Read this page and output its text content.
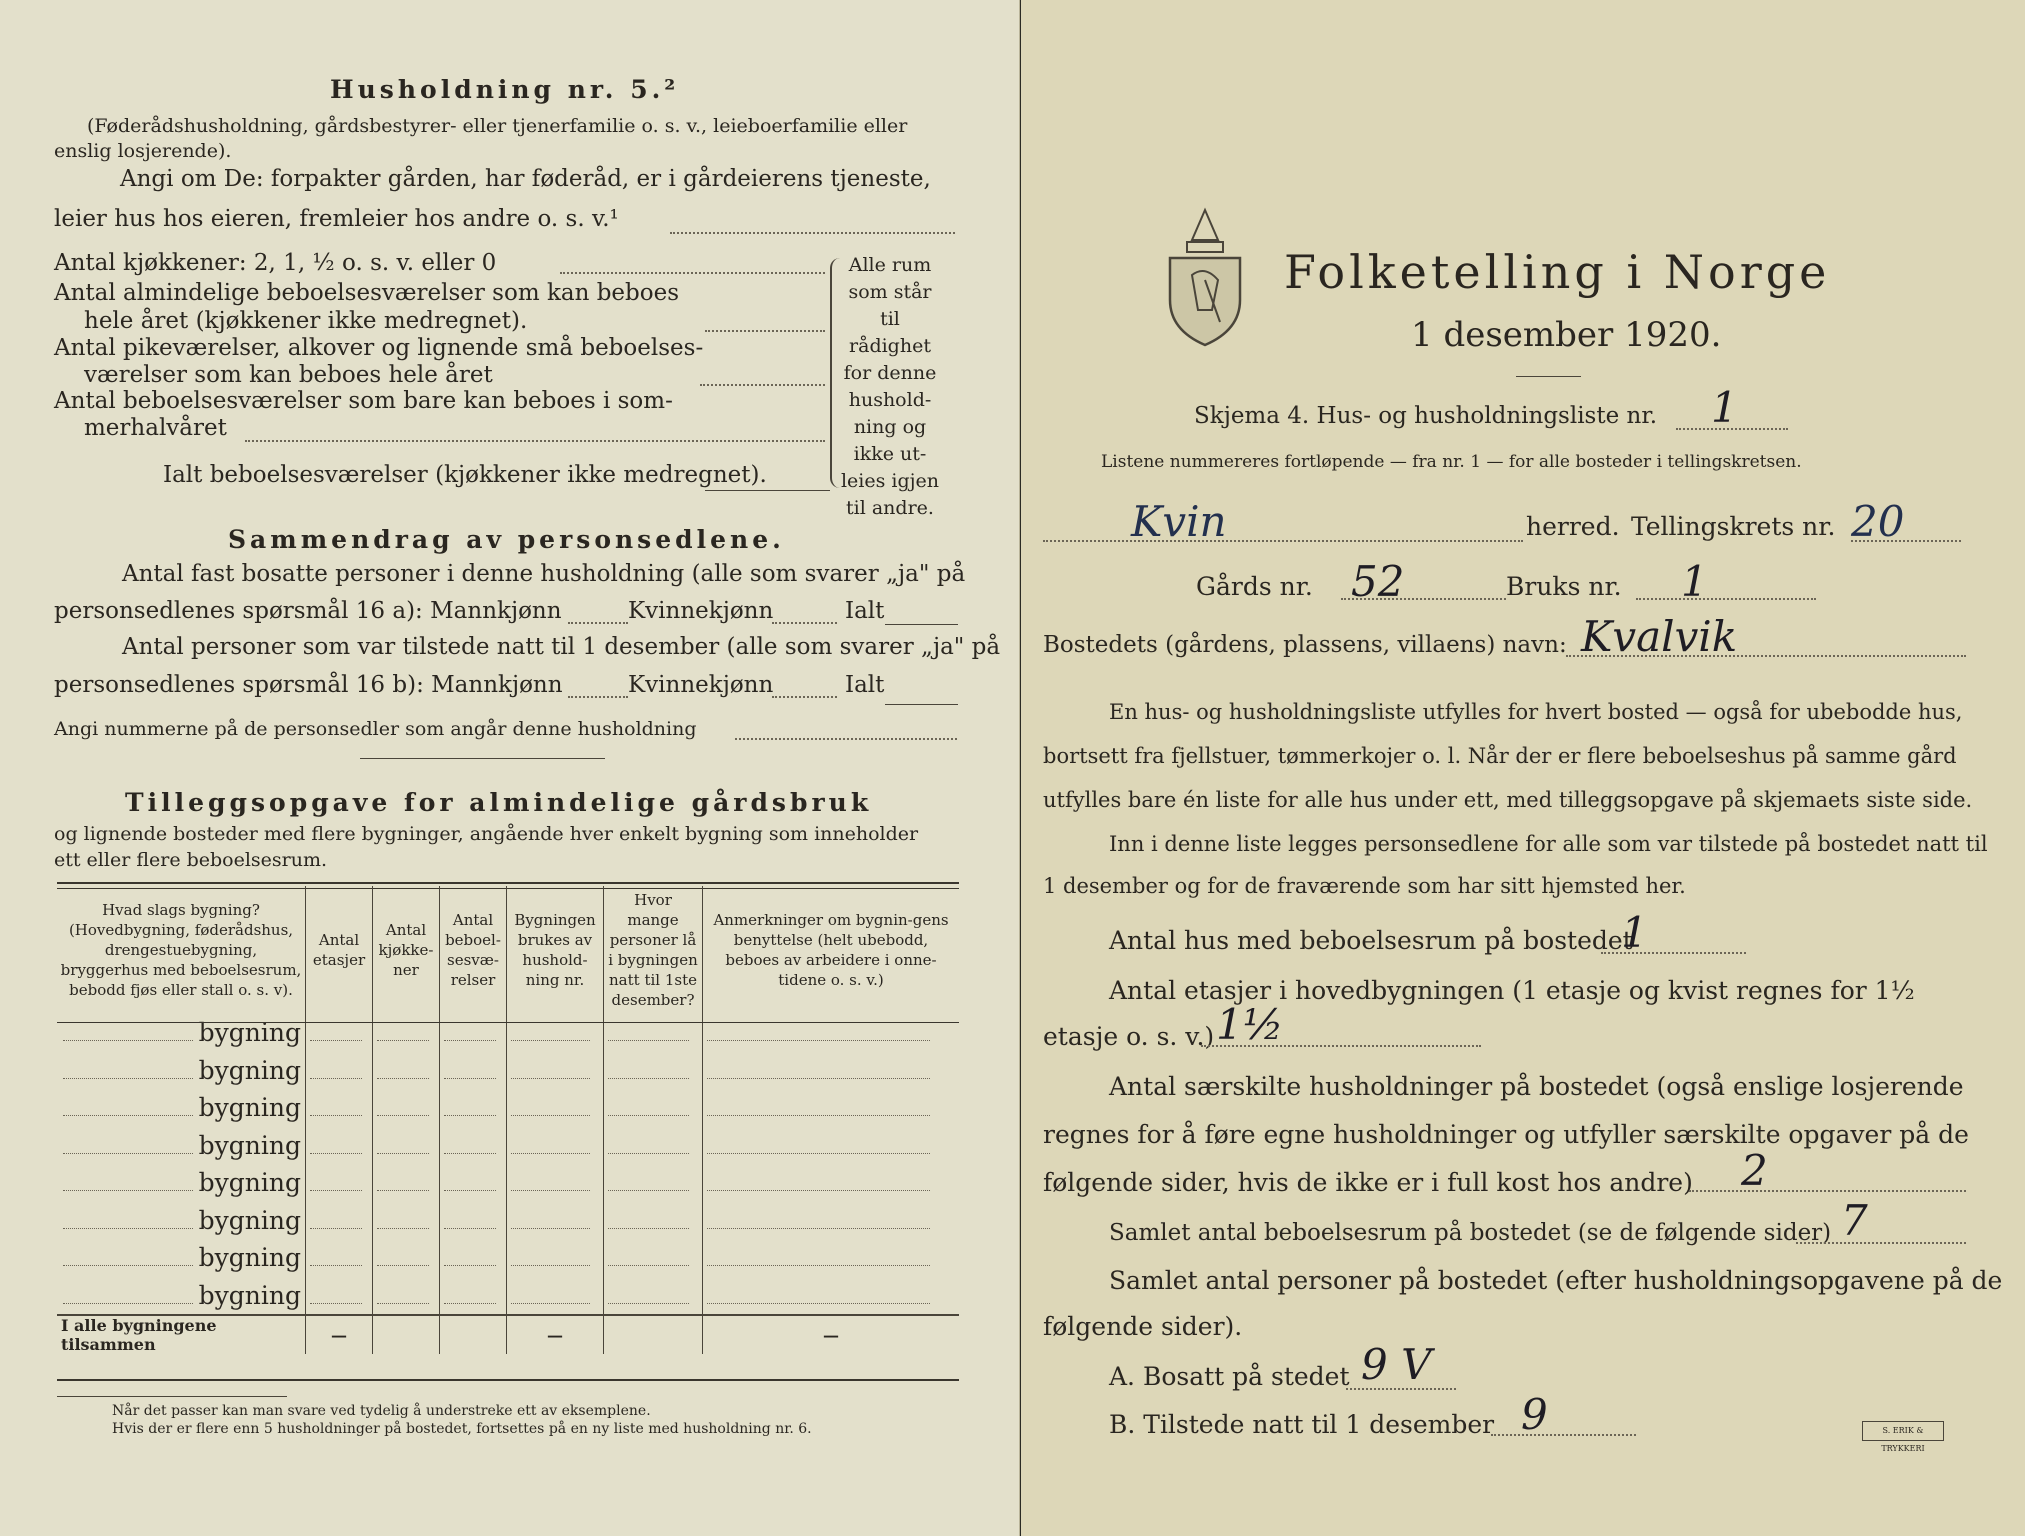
Husholdning nr. 5.²
(Føderådshusholdning, gårdsbestyrer- eller tjenerfamilie o. s. v., leieboerfamilie eller
enslig losjerende).
Angi om De: forpakter gården, har føderåd, er i gårdeierens tjeneste,
leier hus hos eieren, fremleier hos andre o. s. v.¹
Antal kjøkkener: 2, 1, ½ o. s. v. eller 0
Antal almindelige beboelsesværelser som kan beboes
hele året (kjøkkener ikke medregnet).
Antal pikeværelser, alkover og lignende små beboelses-
værelser som kan beboes hele året
Antal beboelsesværelser som bare kan beboes i som-
merhalvåret
Ialt beboelsesværelser (kjøkkener ikke medregnet).
Alle rum
som står til
rådighet
for denne
hushold-
ning og
ikke ut-
leies igjen
til andre.
Sammendrag av personsedlene.
Antal fast bosatte personer i denne husholdning (alle som svarer „ja" på
personsedlenes spørsmål 16 a): Mannkjønn	Kvinnekjønn	Ialt
Antal personer som var tilstede natt til 1 desember (alle som svarer „ja" på
personsedlenes spørsmål 16 b): Mannkjønn	Kvinnekjønn	Ialt
Angi nummerne på de personsedler som angår denne husholdning
Tilleggsopgave for almindelige gårdsbruk
og lignende bosteder med flere bygninger, angående hver enkelt bygning som inneholder
ett eller flere beboelsesrum.
Hvad slags bygning? (Hovedbygning, føderådshus, drengestuebygning, bryggerhus med beboelsesrum, bebodd fjøs eller stall o. s. v).	Antal etasjer	Antal kjøkke-ner	Antal beboel-sesvæ-relser	Bygningen brukes av hushold-ning nr.	Hvor mange personer lå i bygningen natt til 1ste desember?	Anmerkninger om bygnin-gens benyttelse (helt ubebodd, beboes av arbeidere i onne-tidene o. s. v.)
bygning						
bygning						
bygning						
bygning						
bygning						
bygning						
bygning						
bygning						
I alle bygningene tilsammen	—			—		—
Når det passer kan man svare ved tydelig å understreke ett av eksemplene.
Hvis der er flere enn 5 husholdninger på bostedet, fortsettes på en ny liste med husholdning nr. 6.
Folketelling i Norge
1 desember 1920.
Skjema 4. Hus- og husholdningsliste nr. 1
Listene nummereres fortløpende — fra nr. 1 — for alle bosteder i tellingskretsen.
Kvin	herred. Tellingskrets nr. 20
Gårds nr. 52	Bruks nr. 1
Bostedets (gårdens, plassens, villaens) navn: Kvalvik
En hus- og husholdningsliste utfylles for hvert bosted — også for ubebodde hus,
bortsett fra fjellstuer, tømmerkojer o. l. Når der er flere beboelseshus på samme gård
utfylles bare én liste for alle hus under ett, med tilleggsopgave på skjemaets siste side.
Inn i denne liste legges personsedlene for alle som var tilstede på bostedet natt til
1 desember og for de fraværende som har sitt hjemsted her.
Antal hus med beboelsesrum på bostedet
1
Antal etasjer i hovedbygningen (1 etasje og kvist regnes for 1½
etasje o. s. v.) 1½
Antal særskilte husholdninger på bostedet (også enslige losjerende
regnes for å føre egne husholdninger og utfyller særskilte opgaver på de
følgende sider, hvis de ikke er i full kost hos andre) 2
Samlet antal beboelsesrum på bostedet (se de følgende sider) 7
Samlet antal personer på bostedet (efter husholdningsopgavene på de
følgende sider).
A. Bosatt på stedet 9 V
B. Tilstede natt til 1 desember 9	S. ERIK & TRYKKERI
